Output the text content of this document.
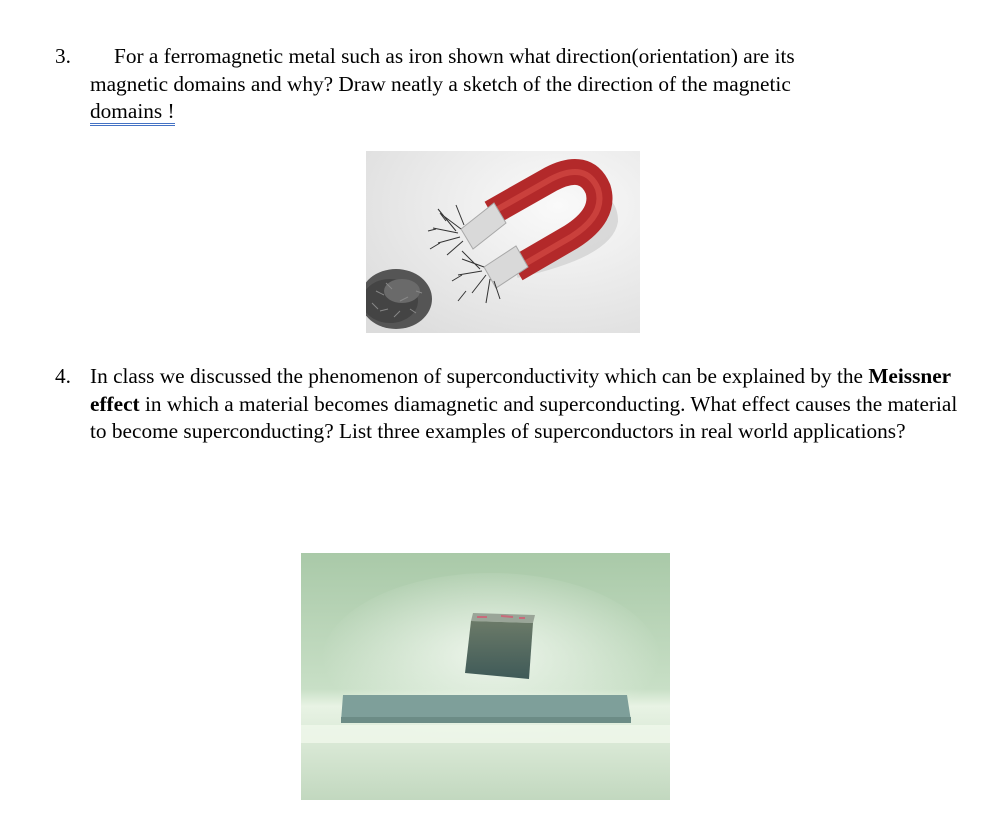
3.	For a ferromagnetic metal such as iron shown what direction(orientation) are its
magnetic domains and why? Draw neatly a sketch of the direction of the magnetic
domains !
4. In class we discussed the phenomenon of superconductivity which can be explained by the Meissner effect in which a material becomes diamagnetic and superconducting. What effect causes the material to become superconducting? List three examples of superconductors in real world applications?
